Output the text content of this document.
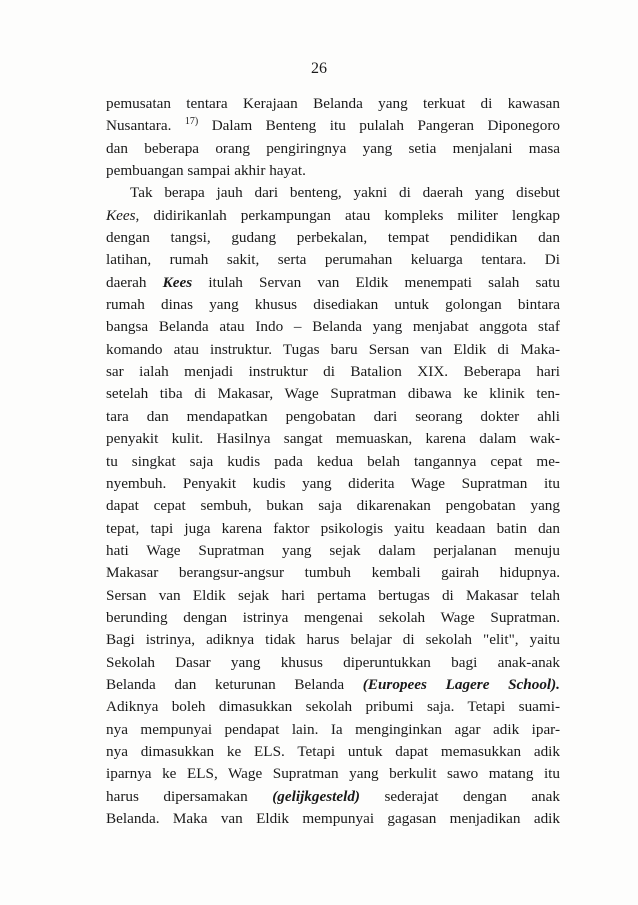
26
pemusatan tentara Kerajaan Belanda yang terkuat di kawasan
Nusantara. $^{17)}$ Dalam Benteng itu pulalah Pangeran Diponegoro
dan beberapa orang pengiringnya yang setia menjalani masa
pembuangan sampai akhir hayat.
Tak berapa jauh dari benteng, yakni di daerah yang disebut
Kees, didirikanlah perkampungan atau kompleks militer lengkap
dengan tangsi, gudang perbekalan, tempat pendidikan dan
latihan, rumah sakit, serta perumahan keluarga tentara. Di
daerah Kees itulah Servan van Eldik menempati salah satu
rumah dinas yang khusus disediakan untuk golongan bintara
bangsa Belanda atau Indo – Belanda yang menjabat anggota staf
komando atau instruktur. Tugas baru Sersan van Eldik di Maka-
sar ialah menjadi instruktur di Batalion XIX. Beberapa hari
setelah tiba di Makasar, Wage Supratman dibawa ke klinik ten-
tara dan mendapatkan pengobatan dari seorang dokter ahli
penyakit kulit. Hasilnya sangat memuaskan, karena dalam wak-
tu singkat saja kudis pada kedua belah tangannya cepat me-
nyembuh. Penyakit kudis yang diderita Wage Supratman itu
dapat cepat sembuh, bukan saja dikarenakan pengobatan yang
tepat, tapi juga karena faktor psikologis yaitu keadaan batin dan
hati Wage Supratman yang sejak dalam perjalanan menuju
Makasar berangsur-angsur tumbuh kembali gairah hidupnya.
Sersan van Eldik sejak hari pertama bertugas di Makasar telah
berunding dengan istrinya mengenai sekolah Wage Supratman.
Bagi istrinya, adiknya tidak harus belajar di sekolah "elit", yaitu
Sekolah Dasar yang khusus diperuntukkan bagi anak-anak
Belanda dan keturunan Belanda (Europees Lagere School).
Adiknya boleh dimasukkan sekolah pribumi saja. Tetapi suami-
nya mempunyai pendapat lain. Ia menginginkan agar adik ipar-
nya dimasukkan ke ELS. Tetapi untuk dapat memasukkan adik
iparnya ke ELS, Wage Supratman yang berkulit sawo matang itu
harus dipersamakan (gelijkgesteld) sederajat dengan anak
Belanda. Maka van Eldik mempunyai gagasan menjadikan adik
